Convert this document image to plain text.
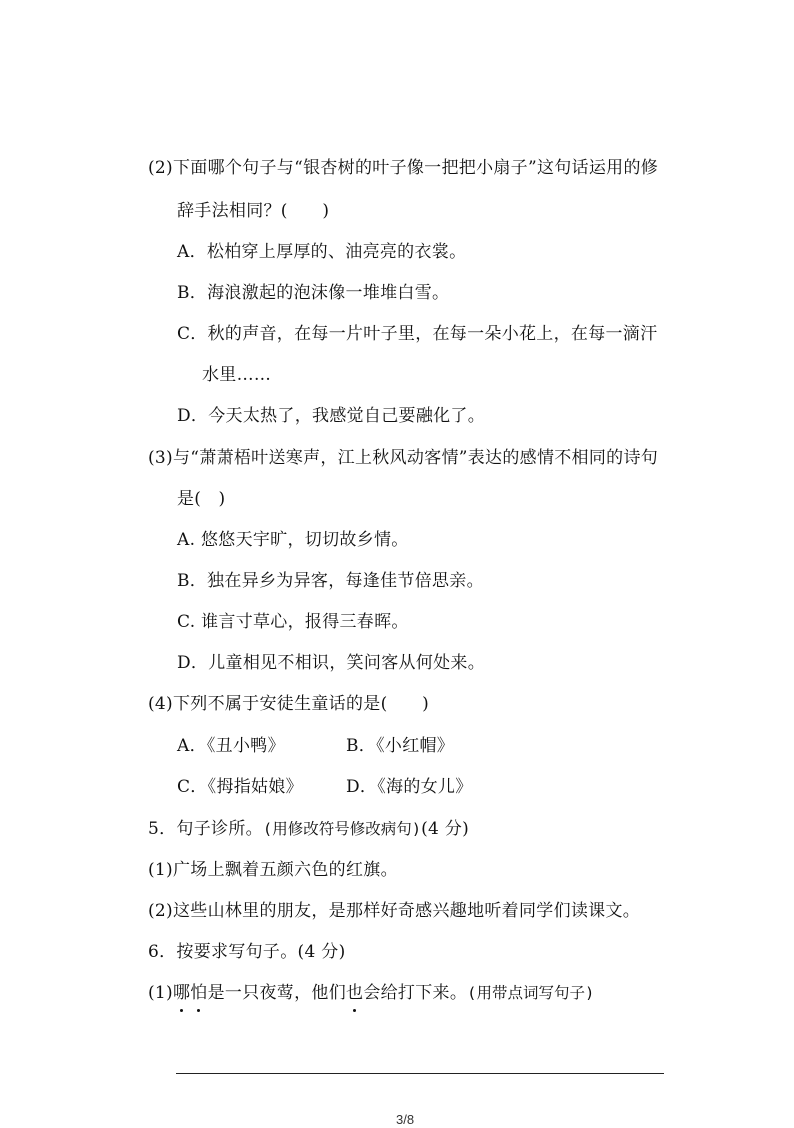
(2)下面哪个句子与“银杏树的叶子像一把把小扇子”这句话运用的修
辞手法相同？(　　)
A．松柏穿上厚厚的、油亮亮的衣裳。
B．海浪激起的泡沫像一堆堆白雪。
C．秋的声音，在每一片叶子里，在每一朵小花上，在每一滴汗
水里……
D．今天太热了，我感觉自己要融化了。
(3)与“萧萧梧叶送寒声，江上秋风动客情”表达的感情不相同的诗句
是(　)
A. 悠悠天宇旷，切切故乡情。
B．独在异乡为异客，每逢佳节倍思亲。
C. 谁言寸草心，报得三春晖。
D．儿童相见不相识，笑问客从何处来。
(4)下列不属于安徒生童话的是(　　)
A．《丑小鸭》	B．《小红帽》
C．《拇指姑娘》	D．《海的女儿》
5．句子诊所。(用修改符号修改病句)(4 分)
(1)广场上飘着五颜六色的红旗。
(2)这些山林里的朋友，是那样好奇感兴趣地听着同学们读课文。
6．按要求写句子。(4 分)
(1)哪怕是一只夜莺，他们也会给打下来。(用带点词写句子)
3/8
